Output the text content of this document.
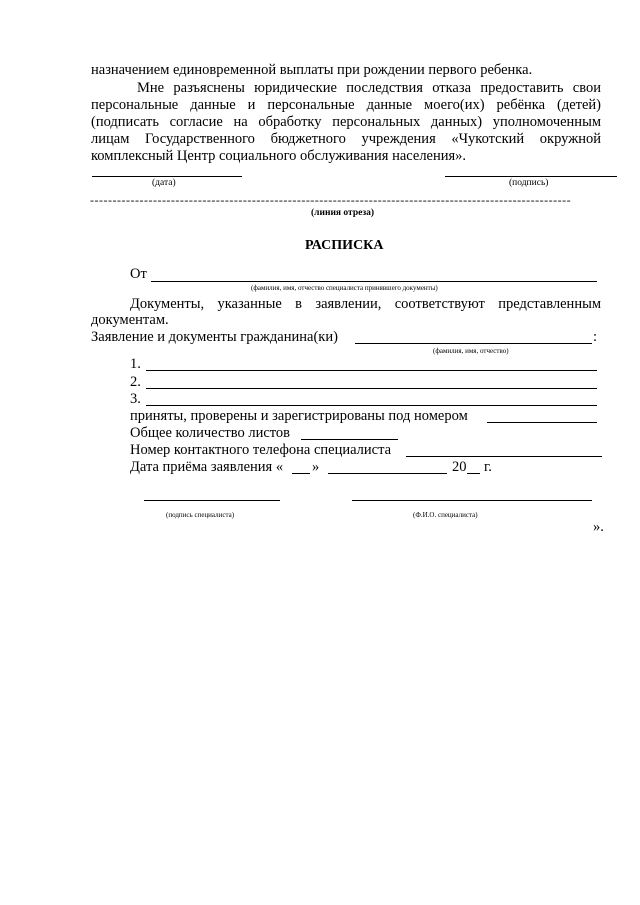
назначением единовременной выплаты при рождении первого ребенка.
Мне разъяснены юридические последствия отказа предоставить свои
персональные данные и персональные данные моего(их) ребёнка (детей)
(подписать согласие на обработку персональных данных) уполномоченным
лицам Государственного бюджетного учреждения «Чукотский окружной
комплексный Центр социального обслуживания населения».
(дата)	(подпись)
-----------------------------------------------------------------------------------------------------------
(линия отреза)
РАСПИСКА
От
(фамилия, имя, отчество специалиста принявшего документы)
Документы, указанные в заявлении, соответствуют представленным
документам.
Заявление и документы гражданина(ки)	:
(фамилия, имя, отчество)
1.
2.
3.
приняты, проверены и зарегистрированы под номером
Общее количество листов
Номер контактного телефона специалиста
Дата приёма заявления « »	20 г.
(подпись специалиста)	(Ф.И.О. специалиста)
».
